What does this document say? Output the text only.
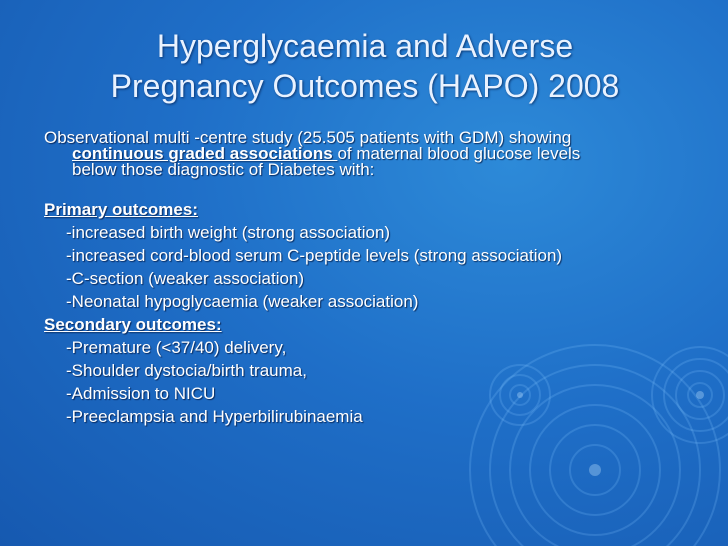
Hyperglycaemia and Adverse
Pregnancy Outcomes (HAPO) 2008
Observational multi -centre study (25.505 patients with GDM) showing
continuous graded associations of maternal blood glucose levels
below those diagnostic of Diabetes with:
Primary outcomes:
-increased birth weight (strong association)
-increased cord-blood serum C-peptide levels (strong association)
-C-section (weaker association)
-Neonatal hypoglycaemia (weaker association)
Secondary outcomes:
-Premature (<37/40) delivery,
-Shoulder dystocia/birth trauma,
-Admission to NICU
-Preeclampsia and Hyperbilirubinaemia
